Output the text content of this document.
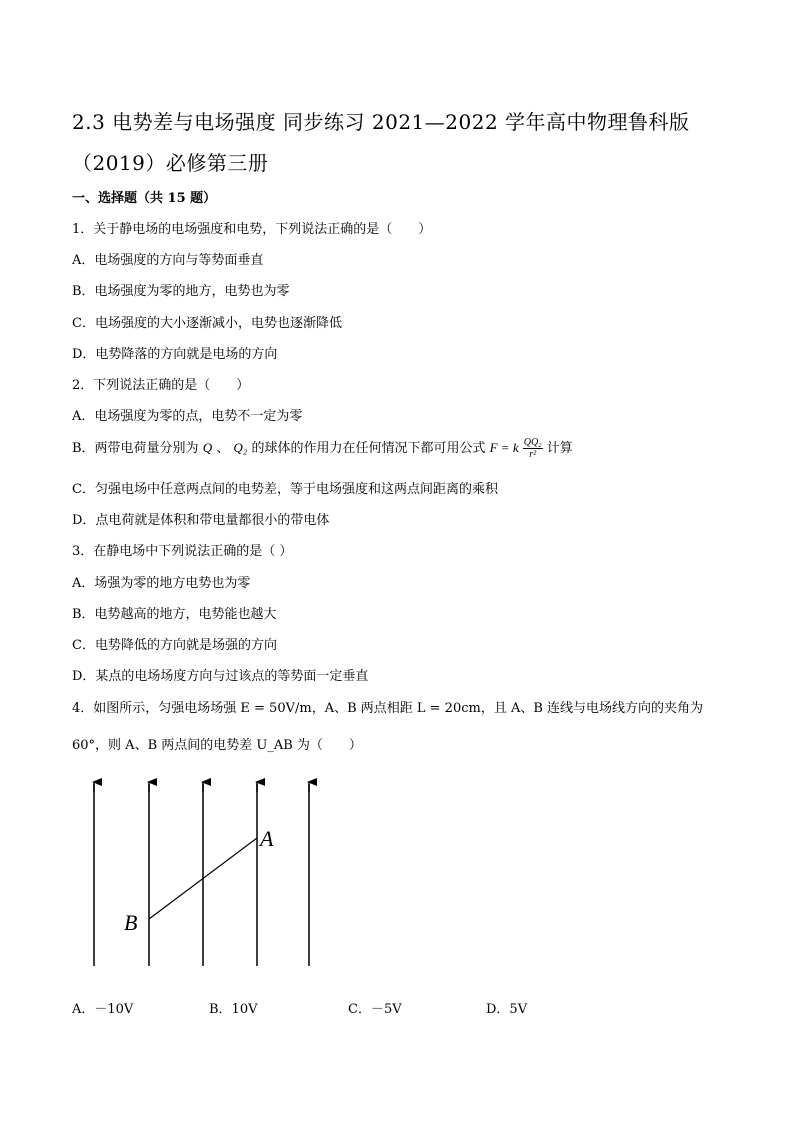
2.3 电势差与电场强度 同步练习 2021—2022 学年高中物理鲁科版
（2019）必修第三册
一、选择题（共 15 题）
1．关于静电场的电场强度和电势，下列说法正确的是（　　）
A．电场强度的方向与等势面垂直
B．电场强度为零的地方，电势也为零
C．电场强度的大小逐渐减小，电势也逐渐降低
D．电势降落的方向就是电场的方向
2．下列说法正确的是（　　）
A．电场强度为零的点，电势不一定为零
B．两带电荷量分别为 Q 、 Q₂ 的球体的作用力在任何情况下都可用公式 F = k $\frac{\text{QQ₂}}{\text{r²}}$ 计算
C．匀强电场中任意两点间的电势差，等于电场强度和这两点间距离的乘积
D．点电荷就是体积和带电量都很小的带电体
3．在静电场中下列说法正确的是（ ）
A．场强为零的地方电势也为零
B．电势越高的地方，电势能也越大
C．电势降低的方向就是场强的方向
D．某点的电场场度方向与过该点的等势面一定垂直
4．如图所示，匀强电场场强 E = 50V/m，A、B 两点相距 L = 20cm，且 A、B 连线与电场线方向的夹角为
60°，则 A、B 两点间的电势差 U_AB 为（　　）
A
B
A．－10V	B．10V	C．－5V	D．5V
